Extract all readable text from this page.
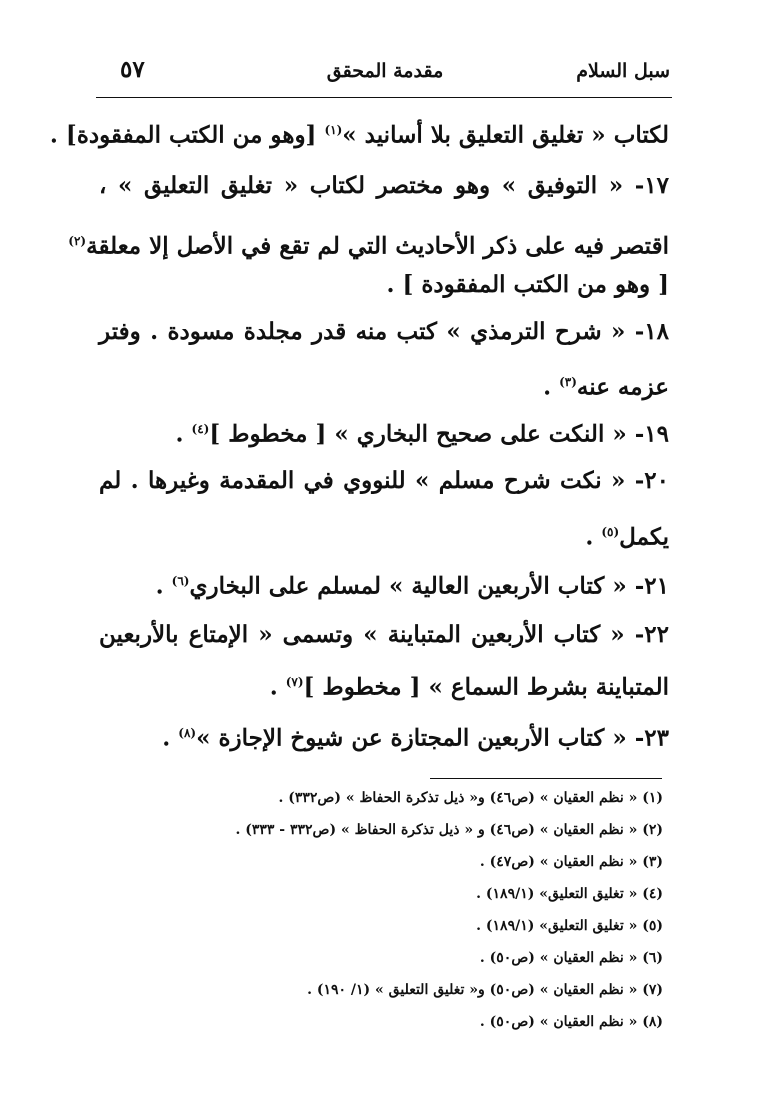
سبل السلام
مقدمة المحقق
٥٧
لكتاب « تغليق التعليق بلا أسانيد »$^{(١)}$ [وهو من الكتب المفقودة] .
١٧- « التوفيق » وهو مختصر لكتاب « تغليق التعليق » ،
اقتصر فيه على ذكر الأحاديث التي لم تقع في الأصل إلا معلقة$^{(٢)}$
[ وهو من الكتب المفقودة ] .
١٨- « شرح الترمذي » كتب منه قدر مجلدة مسودة . وفتر
عزمه عنه$^{(٣)}$ .
١٩- « النكت على صحيح البخاري » [ مخطوط ]$^{(٤)}$ .
٢٠- « نكت شرح مسلم » للنووي في المقدمة وغيرها . لم
يكمل$^{(٥)}$ .
٢١- « كتاب الأربعين العالية » لمسلم على البخاري$^{(٦)}$ .
٢٢- « كتاب الأربعين المتباينة » وتسمى « الإمتاع بالأربعين
المتباينة بشرط السماع » [ مخطوط ]$^{(٧)}$ .
٢٣- « كتاب الأربعين المجتازة عن شيوخ الإجازة »$^{(٨)}$ .
(١) « نظم العقيان » (ص٤٦) و« ذيل تذكرة الحفاظ » (ص٣٣٢) .
(٢) « نظم العقيان » (ص٤٦) و « ذيل تذكرة الحفاظ » (ص٣٣٢ - ٣٣٣) .
(٣) « نظم العقيان » (ص٤٧) .
(٤) « تغليق التعليق» (١٨٩/١) .
(٥) « تغليق التعليق» (١٨٩/١) .
(٦) « نظم العقيان » (ص٥٠) .
(٧) « نظم العقيان » (ص٥٠) و« تغليق التعليق » (١/ ١٩٠) .
(٨) « نظم العقيان » (ص٥٠) .
